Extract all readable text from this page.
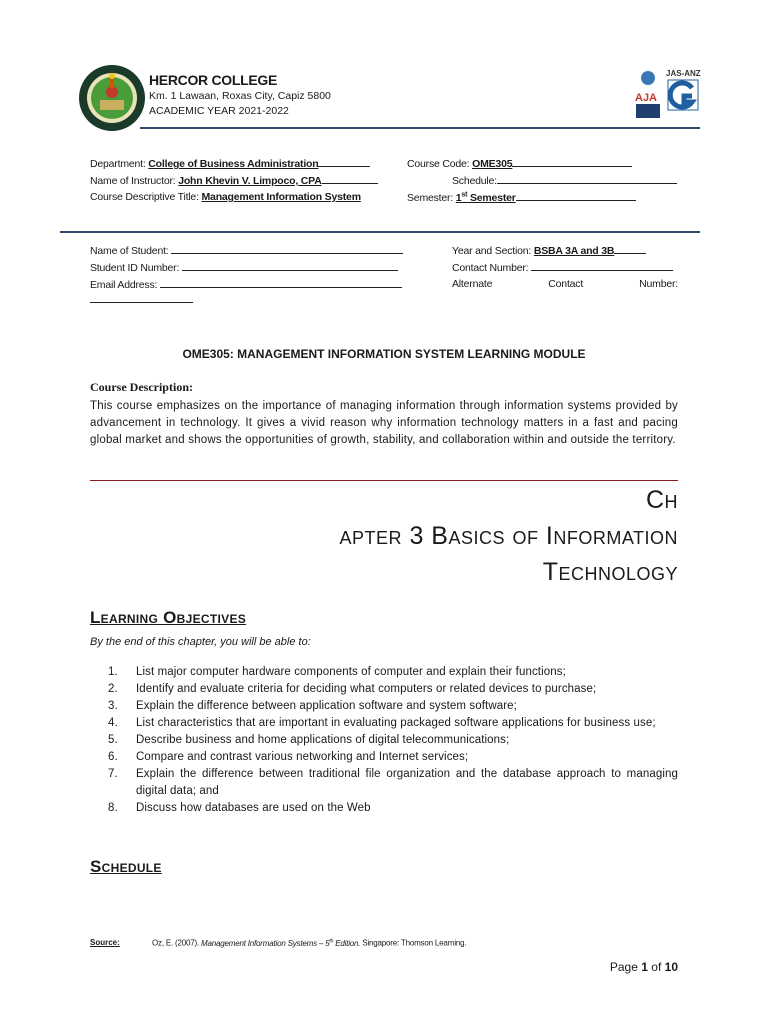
HERCOR COLLEGE
Km. 1 Lawaan, Roxas City, Capiz 5800
ACADEMIC YEAR 2021-2022
AJA
JAS-ANZ
Department: College of Business Administration
Name of Instructor: John Khevin V. Limpoco, CPA
Course Descriptive Title: Management Information System
Course Code: OME305
Schedule:
Semester: 1st Semester
Name of Student:
Student ID Number:
Email Address:
Year and Section: BSBA 3A and 3B
Contact Number:
Alternate	Contact	Number:
OME305: MANAGEMENT INFORMATION SYSTEM LEARNING MODULE
Course Description:
This course emphasizes on the importance of managing information through information systems provided by advancement in technology. It gives a vivid reason why information technology matters in a fast and pacing global market and shows the opportunities of growth, stability, and collaboration within and outside the territory.
Ch
apter 3 Basics of Information
Technology
Learning Objectives
By the end of this chapter, you will be able to:
1.	List major computer hardware components of computer and explain their functions;
2.	Identify and evaluate criteria for deciding what computers or related devices to purchase;
3.	Explain the difference between application software and system software;
4.	List characteristics that are important in evaluating packaged software applications for business use;
5.	Describe business and home applications of digital telecommunications;
6.	Compare and contrast various networking and Internet services;
7.	Explain the difference between traditional file organization and the database approach to managing digital data; and
8.	Discuss how databases are used on the Web
Schedule
Source:	Oz, E. (2007). Management Information Systems – 5th Edition. Singapore: Thomson Learning.
Page 1 of 10
